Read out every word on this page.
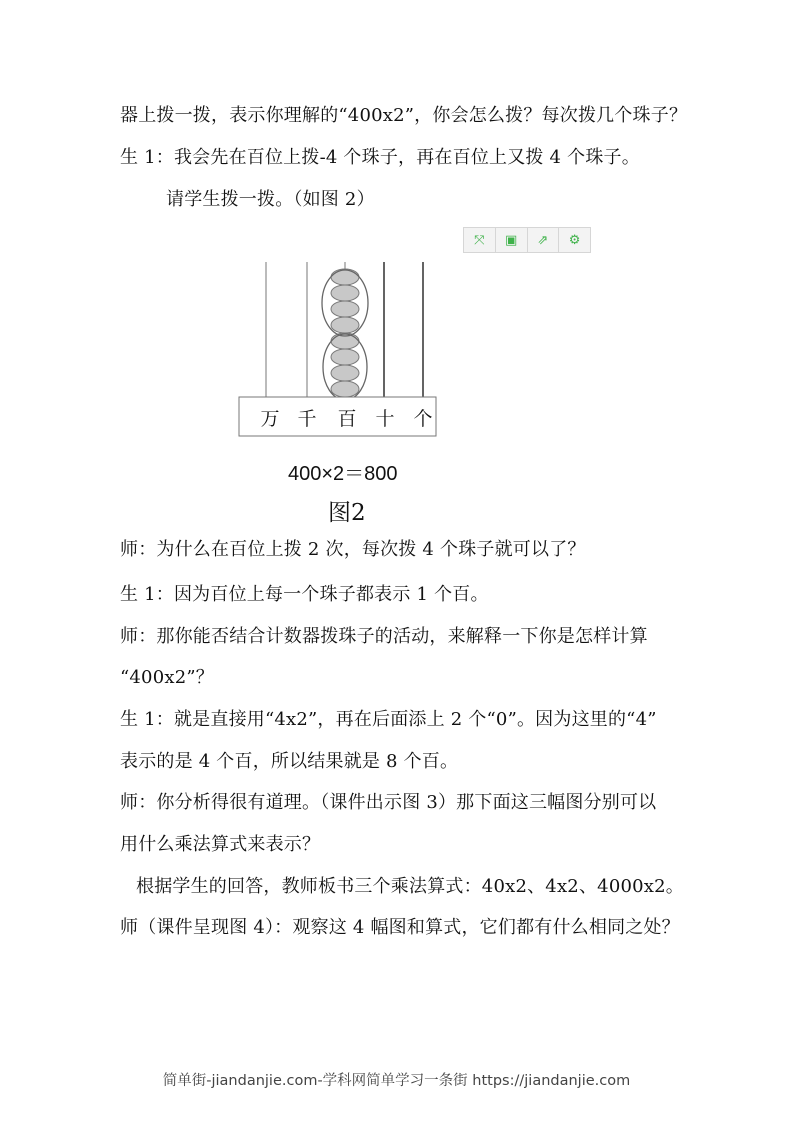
器上拨一拨，表示你理解的“400x2”，你会怎么拨？每次拨几个珠子？
生 1：我会先在百位上拨-4 个珠子，再在百位上又拨 4 个珠子。
请学生拨一拨。（如图 2）
⤧	▣	⇗	⚙
万 千 百 十 个
400×2＝800
图2
师：为什么在百位上拨 2 次，每次拨 4 个珠子就可以了？
生 1：因为百位上每一个珠子都表示 1 个百。
师：那你能否结合计数器拨珠子的活动，来解释一下你是怎样计算
“400x2”？
生 1：就是直接用“4x2”，再在后面添上 2 个“0”。因为这里的“4”
表示的是 4 个百，所以结果就是 8 个百。
师：你分析得很有道理。（课件出示图 3）那下面这三幅图分别可以
用什么乘法算式来表示？
根据学生的回答，教师板书三个乘法算式：40x2、4x2、4000x2。
师（课件呈现图 4）：观察这 4 幅图和算式，它们都有什么相同之处？
简单街-jiandanjie.com-学科网简单学习一条街 https://jiandanjie.com
